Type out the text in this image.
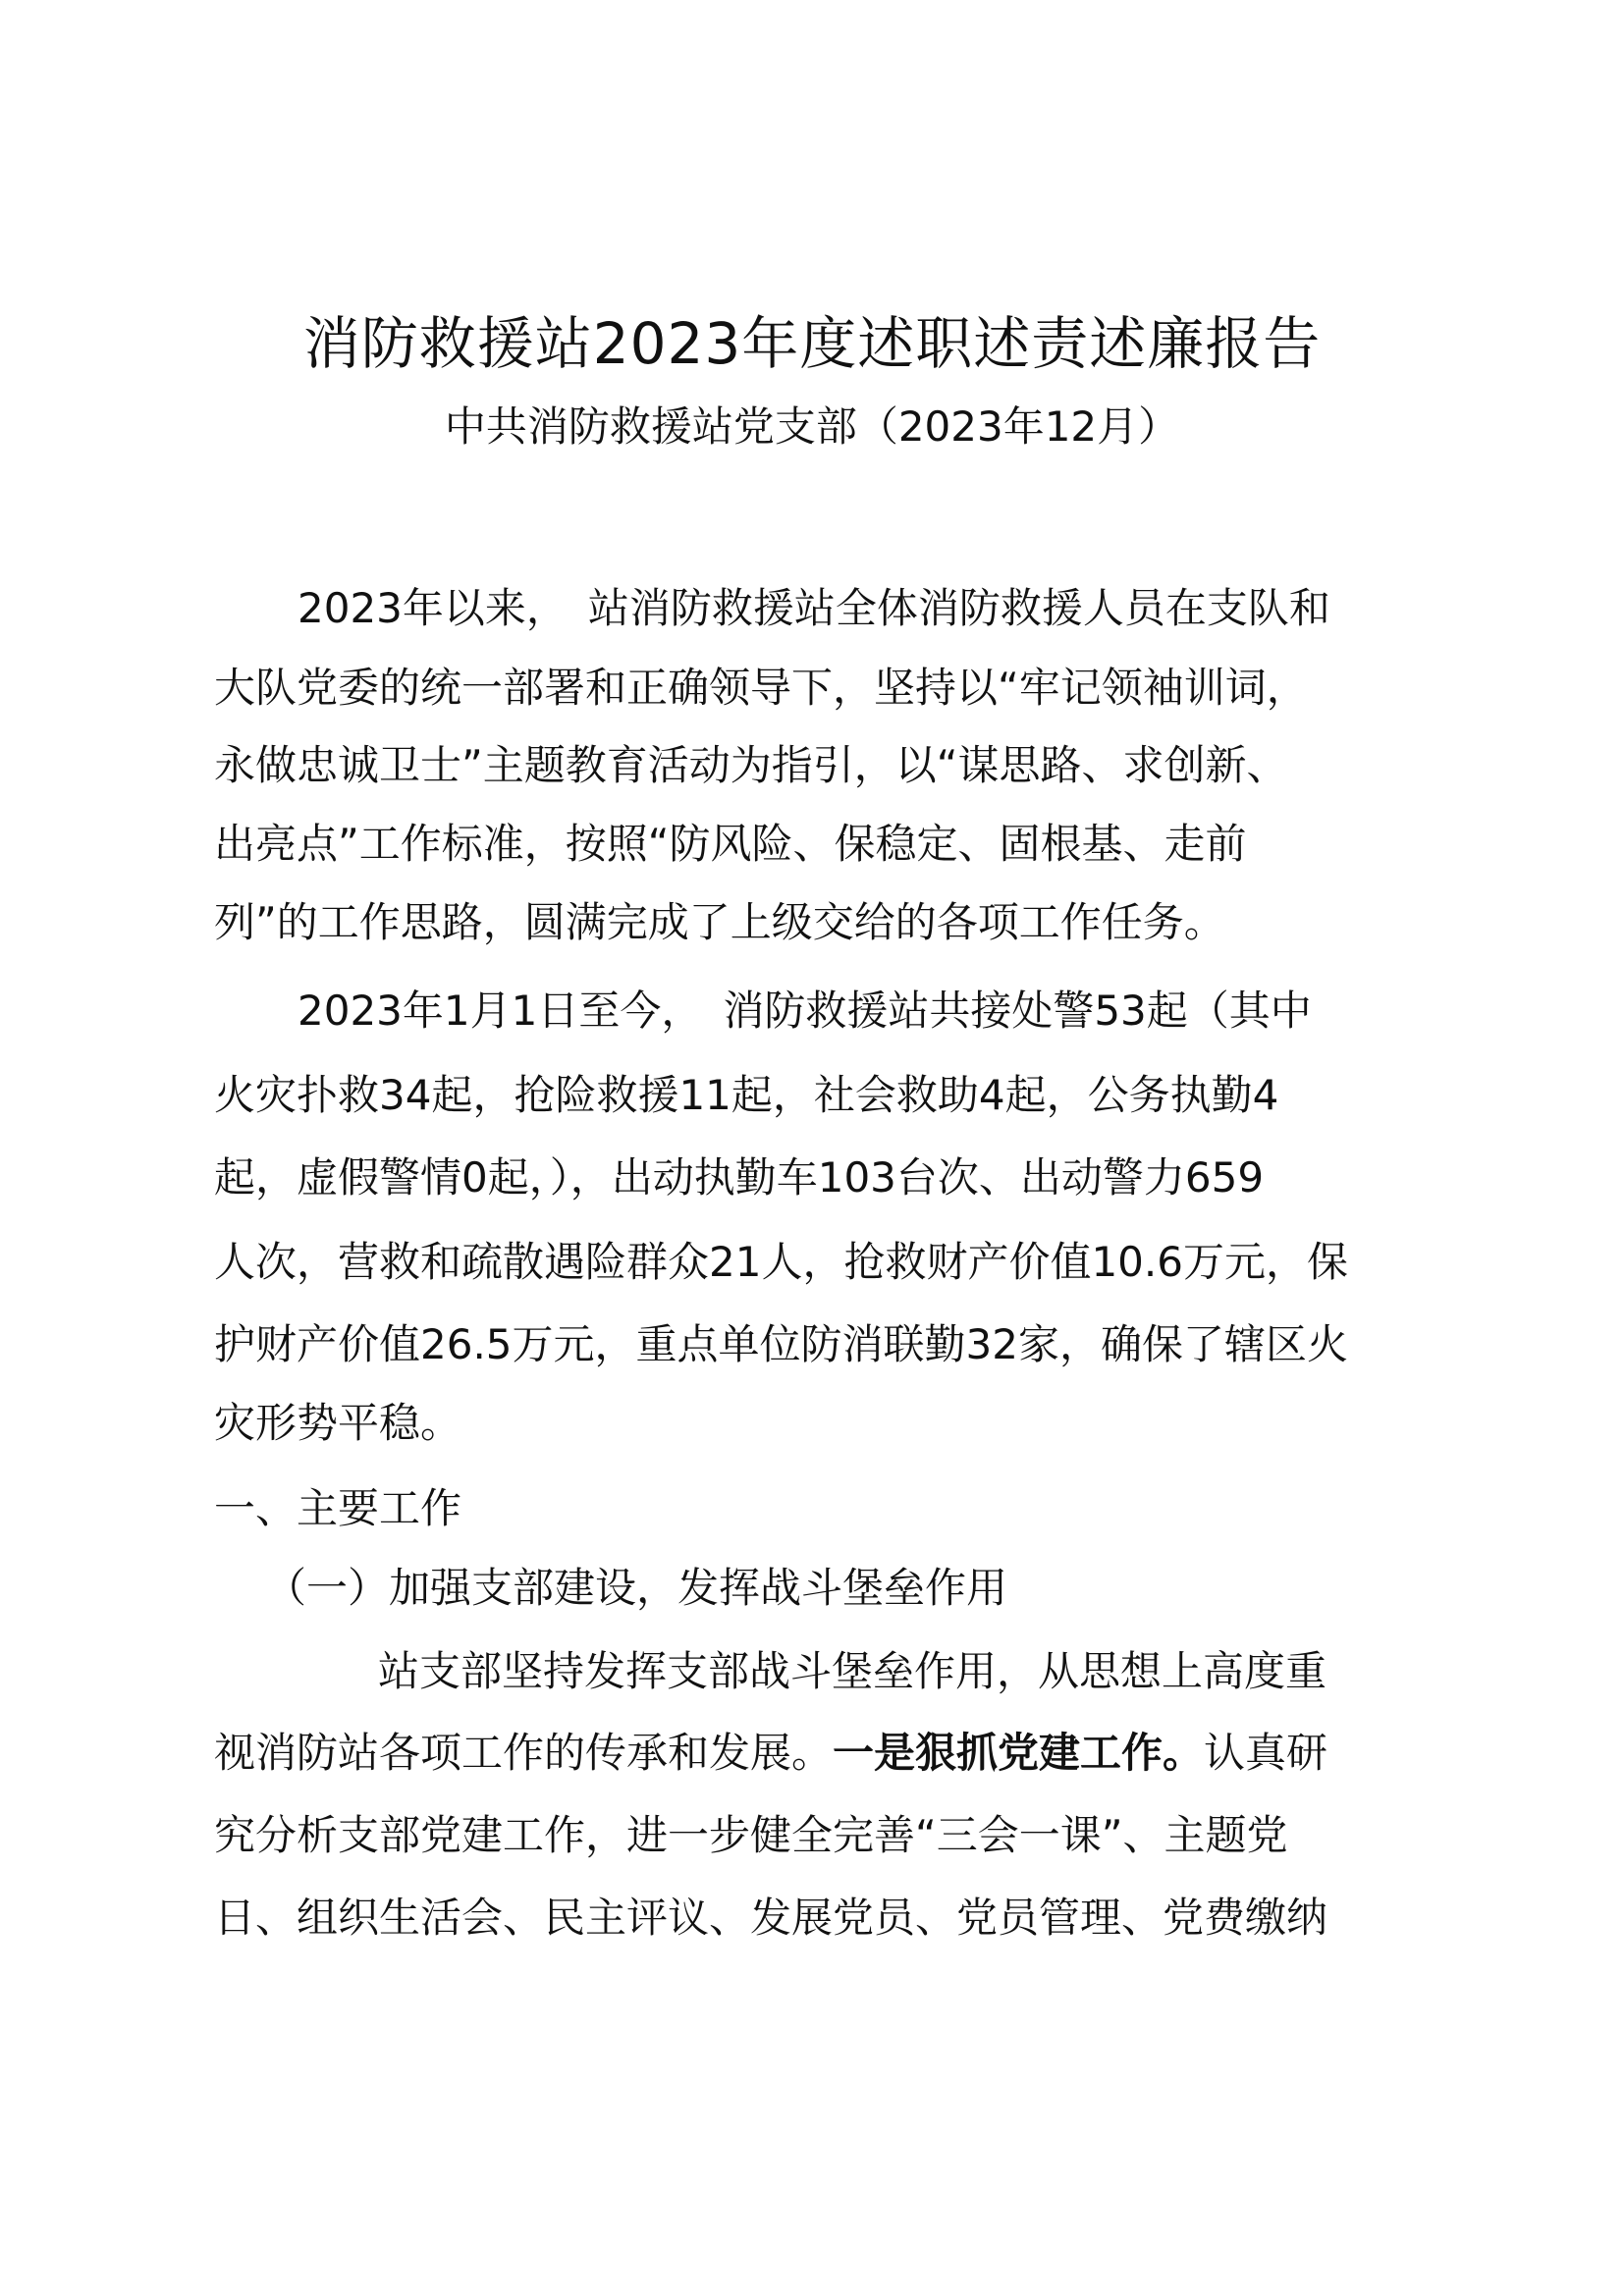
消防救援站2023年度述职述责述廉报告
中共消防救援站党支部（2023年12月）
2023年以来，　站消防救援站全体消防救援人员在支队和
大队党委的统一部署和正确领导下，坚持以“牢记领袖训词，
永做忠诚卫士”主题教育活动为指引，以“谋思路、求创新、
出亮点”工作标准，按照“防风险、保稳定、固根基、走前
列”的工作思路，圆满完成了上级交给的各项工作任务。
2023年1月1日至今，　消防救援站共接处警53起（其中
火灾扑救34起，抢险救援11起，社会救助4起，公务执勤4
起，虚假警情0起，），出动执勤车103台次、出动警力659
人次，营救和疏散遇险群众21人，抢救财产价值10.6万元，保
护财产价值26.5万元，重点单位防消联勤32家，确保了辖区火
灾形势平稳。
一、主要工作
（一）加强支部建设，发挥战斗堡垒作用
站支部坚持发挥支部战斗堡垒作用，从思想上高度重
视消防站各项工作的传承和发展。一是狠抓党建工作。认真研
究分析支部党建工作，进一步健全完善“三会一课”、主题党
日、组织生活会、民主评议、发展党员、党员管理、党费缴纳
